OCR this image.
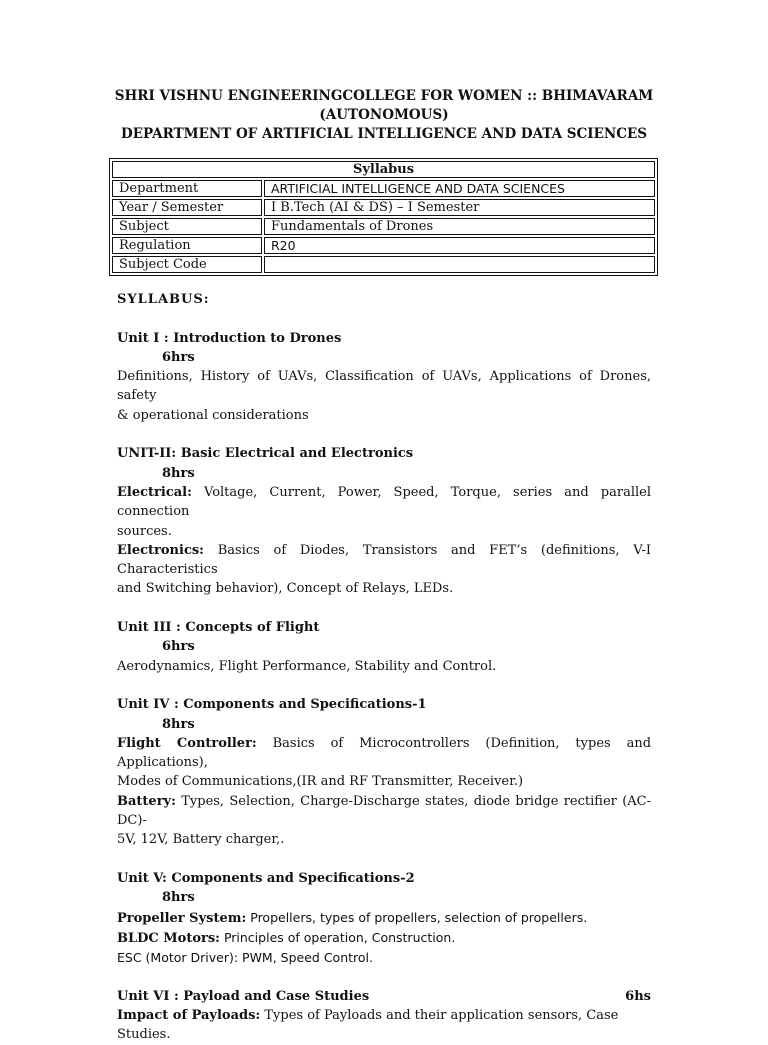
SHRI VISHNU ENGINEERINGCOLLEGE FOR WOMEN :: BHIMAVARAM
(AUTONOMOUS)
DEPARTMENT OF ARTIFICIAL INTELLIGENCE AND DATA SCIENCES
Syllabus	
Department	ARTIFICIAL INTELLIGENCE AND DATA SCIENCES
Year / Semester	I B.Tech (AI & DS) – I Semester
Subject	Fundamentals of Drones
Regulation	R20
Subject Code	

SYLLABUS:

Unit I : Introduction to Drones

6hrs

Definitions, History of UAVs, Classification of UAVs, Applications of Drones, safety

& operational considerations

UNIT-II: Basic Electrical and Electronics

8hrs

Electrical: Voltage, Current, Power, Speed, Torque, series and parallel connection

sources.

Electronics: Basics of Diodes, Transistors and FET’s (definitions, V-I Characteristics

and Switching behavior), Concept of Relays, LEDs.

Unit III : Concepts of Flight

6hrs

Aerodynamics, Flight Performance, Stability and Control.

Unit IV : Components and Specifications-1

8hrs

Flight Controller: Basics of Microcontrollers (Definition, types and Applications),

Modes of Communications,(IR and RF Transmitter, Receiver.)

Battery: Types, Selection, Charge-Discharge states, diode bridge rectifier (AC-DC)-

5V, 12V, Battery charger,.

Unit V: Components and Specifications-2

8hrs

Propeller System: Propellers, types of propellers, selection of propellers.

BLDC Motors: Principles of operation, Construction.

ESC (Motor Driver): PWM, Speed Control.

Unit VI : Payload and Case Studies	6hs

Impact of Payloads: Types of Payloads and their application sensors, Case Studies.
